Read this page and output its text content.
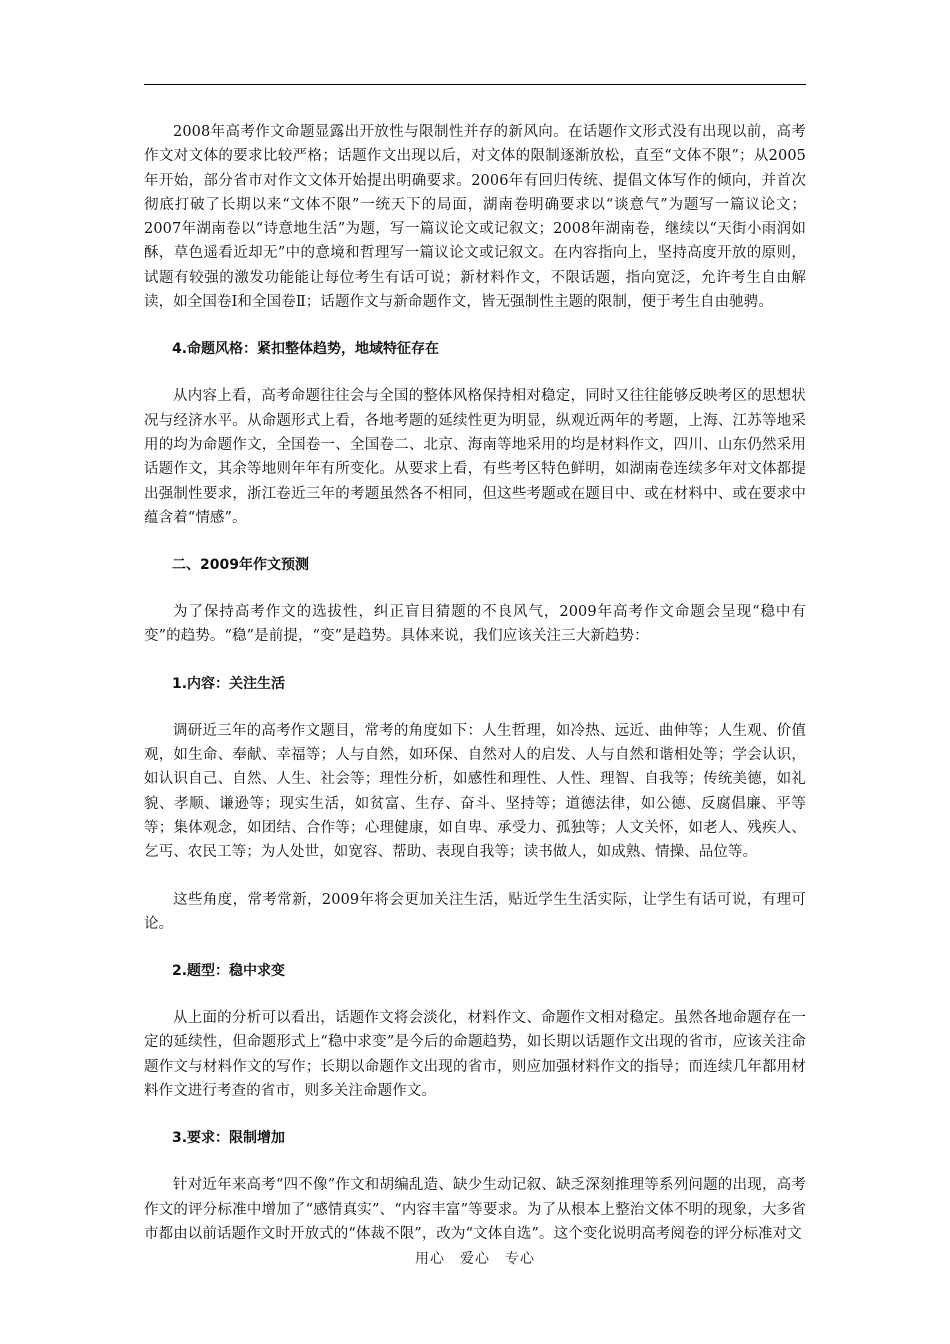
2008年高考作文命题显露出开放性与限制性并存的新风向。在话题作文形式没有出现以前，高考作文对文体的要求比较严格；话题作文出现以后，对文体的限制逐渐放松，直至“文体不限”；从2005年开始，部分省市对作文文体开始提出明确要求。2006年有回归传统、提倡文体写作的倾向，并首次彻底打破了长期以来“文体不限”一统天下的局面，湖南卷明确要求以“谈意气”为题写一篇议论文；2007年湖南卷以“诗意地生活”为题，写一篇议论文或记叙文；2008年湖南卷，继续以“天街小雨润如酥，草色遥看近却无”中的意境和哲理写一篇议论文或记叙文。在内容指向上，坚持高度开放的原则，试题有较强的激发功能能让每位考生有话可说；新材料作文，不限话题，指向宽泛，允许考生自由解读，如全国卷Ⅰ和全国卷Ⅱ；话题作文与新命题作文，皆无强制性主题的限制，便于考生自由驰骋。

4.命题风格：紧扣整体趋势，地域特征存在

从内容上看，高考命题往往会与全国的整体风格保持相对稳定，同时又往往能够反映考区的思想状况与经济水平。从命题形式上看，各地考题的延续性更为明显，纵观近两年的考题，上海、江苏等地采用的均为命题作文，全国卷一、全国卷二、北京、海南等地采用的均是材料作文，四川、山东仍然采用话题作文，其余等地则年年有所变化。从要求上看，有些考区特色鲜明，如湖南卷连续多年对文体都提出强制性要求，浙江卷近三年的考题虽然各不相同，但这些考题或在题目中、或在材料中、或在要求中蕴含着“情感”。

二、2009年作文预测

为了保持高考作文的选拔性，纠正盲目猜题的不良风气，2009年高考作文命题会呈现“稳中有变”的趋势。“稳”是前提，“变”是趋势。具体来说，我们应该关注三大新趋势：

1.内容：关注生活

调研近三年的高考作文题目，常考的角度如下：人生哲理，如冷热、远近、曲伸等；人生观、价值观，如生命、奉献、幸福等；人与自然，如环保、自然对人的启发、人与自然和谐相处等；学会认识，如认识自己、自然、人生、社会等；理性分析，如感性和理性、人性、理智、自我等；传统美德，如礼貌、孝顺、谦逊等；现实生活，如贫富、生存、奋斗、坚持等；道德法律，如公德、反腐倡廉、平等等；集体观念，如团结、合作等；心理健康，如自卑、承受力、孤独等；人文关怀，如老人、残疾人、乞丐、农民工等；为人处世，如宽容、帮助、表现自我等；读书做人，如成熟、情操、品位等。

这些角度，常考常新，2009年将会更加关注生活，贴近学生生活实际，让学生有话可说，有理可论。

2.题型：稳中求变

从上面的分析可以看出，话题作文将会淡化，材料作文、命题作文相对稳定。虽然各地命题存在一定的延续性，但命题形式上“稳中求变”是今后的命题趋势，如长期以话题作文出现的省市，应该关注命题作文与材料作文的写作；长期以命题作文出现的省市，则应加强材料作文的指导；而连续几年都用材料作文进行考查的省市，则多关注命题作文。

3.要求：限制增加

针对近年来高考“四不像”作文和胡编乱造、缺少生动记叙、缺乏深刻推理等系列问题的出现，高考作文的评分标准中增加了“感情真实”、“内容丰富”等要求。为了从根本上整治文体不明的现象，大多省市都由以前话题作文时开放式的“体裁不限”，改为“文体自选”。这个变化说明高考阅卷的评分标准对文

用心　爱心　专心
